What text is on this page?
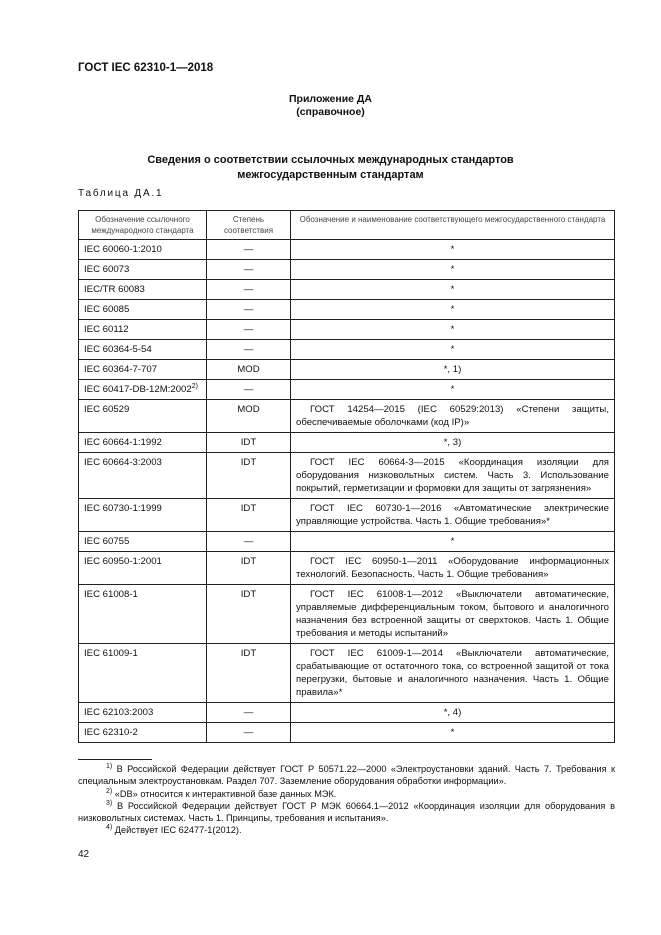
ГОСТ IEC 62310-1—2018
Приложение ДА
(справочное)
Сведения о соответствии ссылочных международных стандартов
межгосударственным стандартам
Таблица ДА.1
Обозначение ссылочного международного стандарта	Степень соответствия	Обозначение и наименование соответствующего межгосударственного стандарта
IEC 60060-1:2010	—	*
IEC 60073	—	*
IEC/TR 60083	—	*
IEC 60085	—	*
IEC 60112	—	*
IEC 60364-5-54	—	*
IEC 60364-7-707	MOD	*, 1)
IEC 60417-DB-12M:2002$^{2)}$	—	*
IEC 60529	MOD	ГОСТ 14254—2015 (IEC 60529:2013) «Степени защиты, обеспечиваемые оболочками (код IP)»
IEC 60664-1:1992	IDT	*, 3)
IEC 60664-3:2003	IDT	ГОСТ IEC 60664-3—2015 «Координация изоляции для оборудования низковольтных систем. Часть 3. Использование покрытий, герметизации и формовки для защиты от загрязнения»
IEC 60730-1:1999	IDT	ГОСТ IEC 60730-1—2016 «Автоматические электрические управляющие устройства. Часть 1. Общие требования»*
IEC 60755	—	*
IEC 60950-1:2001	IDT	ГОСТ IEC 60950-1—2011 «Оборудование информационных технологий. Безопасность. Часть 1. Общие требования»
IEC 61008-1	IDT	ГОСТ IEC 61008-1—2012 «Выключатели автоматические, управляемые дифференциальным током, бытового и аналогичного назначения без встроенной защиты от сверхтоков. Часть 1. Общие требования и методы испытаний»
IEC 61009-1	IDT	ГОСТ IEC 61009-1—2014 «Выключатели автоматические, срабатывающие от остаточного тока, со встроенной защитой от тока перегрузки, бытовые и аналогичного назначения. Часть 1. Общие правила»*
IEC 62103:2003	—	*, 4)
IEC 62310-2	—	*

$^{1)}$ В Российской Федерации действует ГОСТ Р 50571.22—2000 «Электроустановки зданий. Часть 7. Требования к специальным электроустановкам. Раздел 707. Заземление оборудования обработки информации».

$^{2)}$ «DB» относится к интерактивной базе данных МЭК.

$^{3)}$ В Российской Федерации действует ГОСТ Р МЭК 60664.1—2012 «Координация изоляции для оборудования в низковольтных системах. Часть 1. Принципы, требования и испытания».

$^{4)}$ Действует IEC 62477-1(2012).

42
